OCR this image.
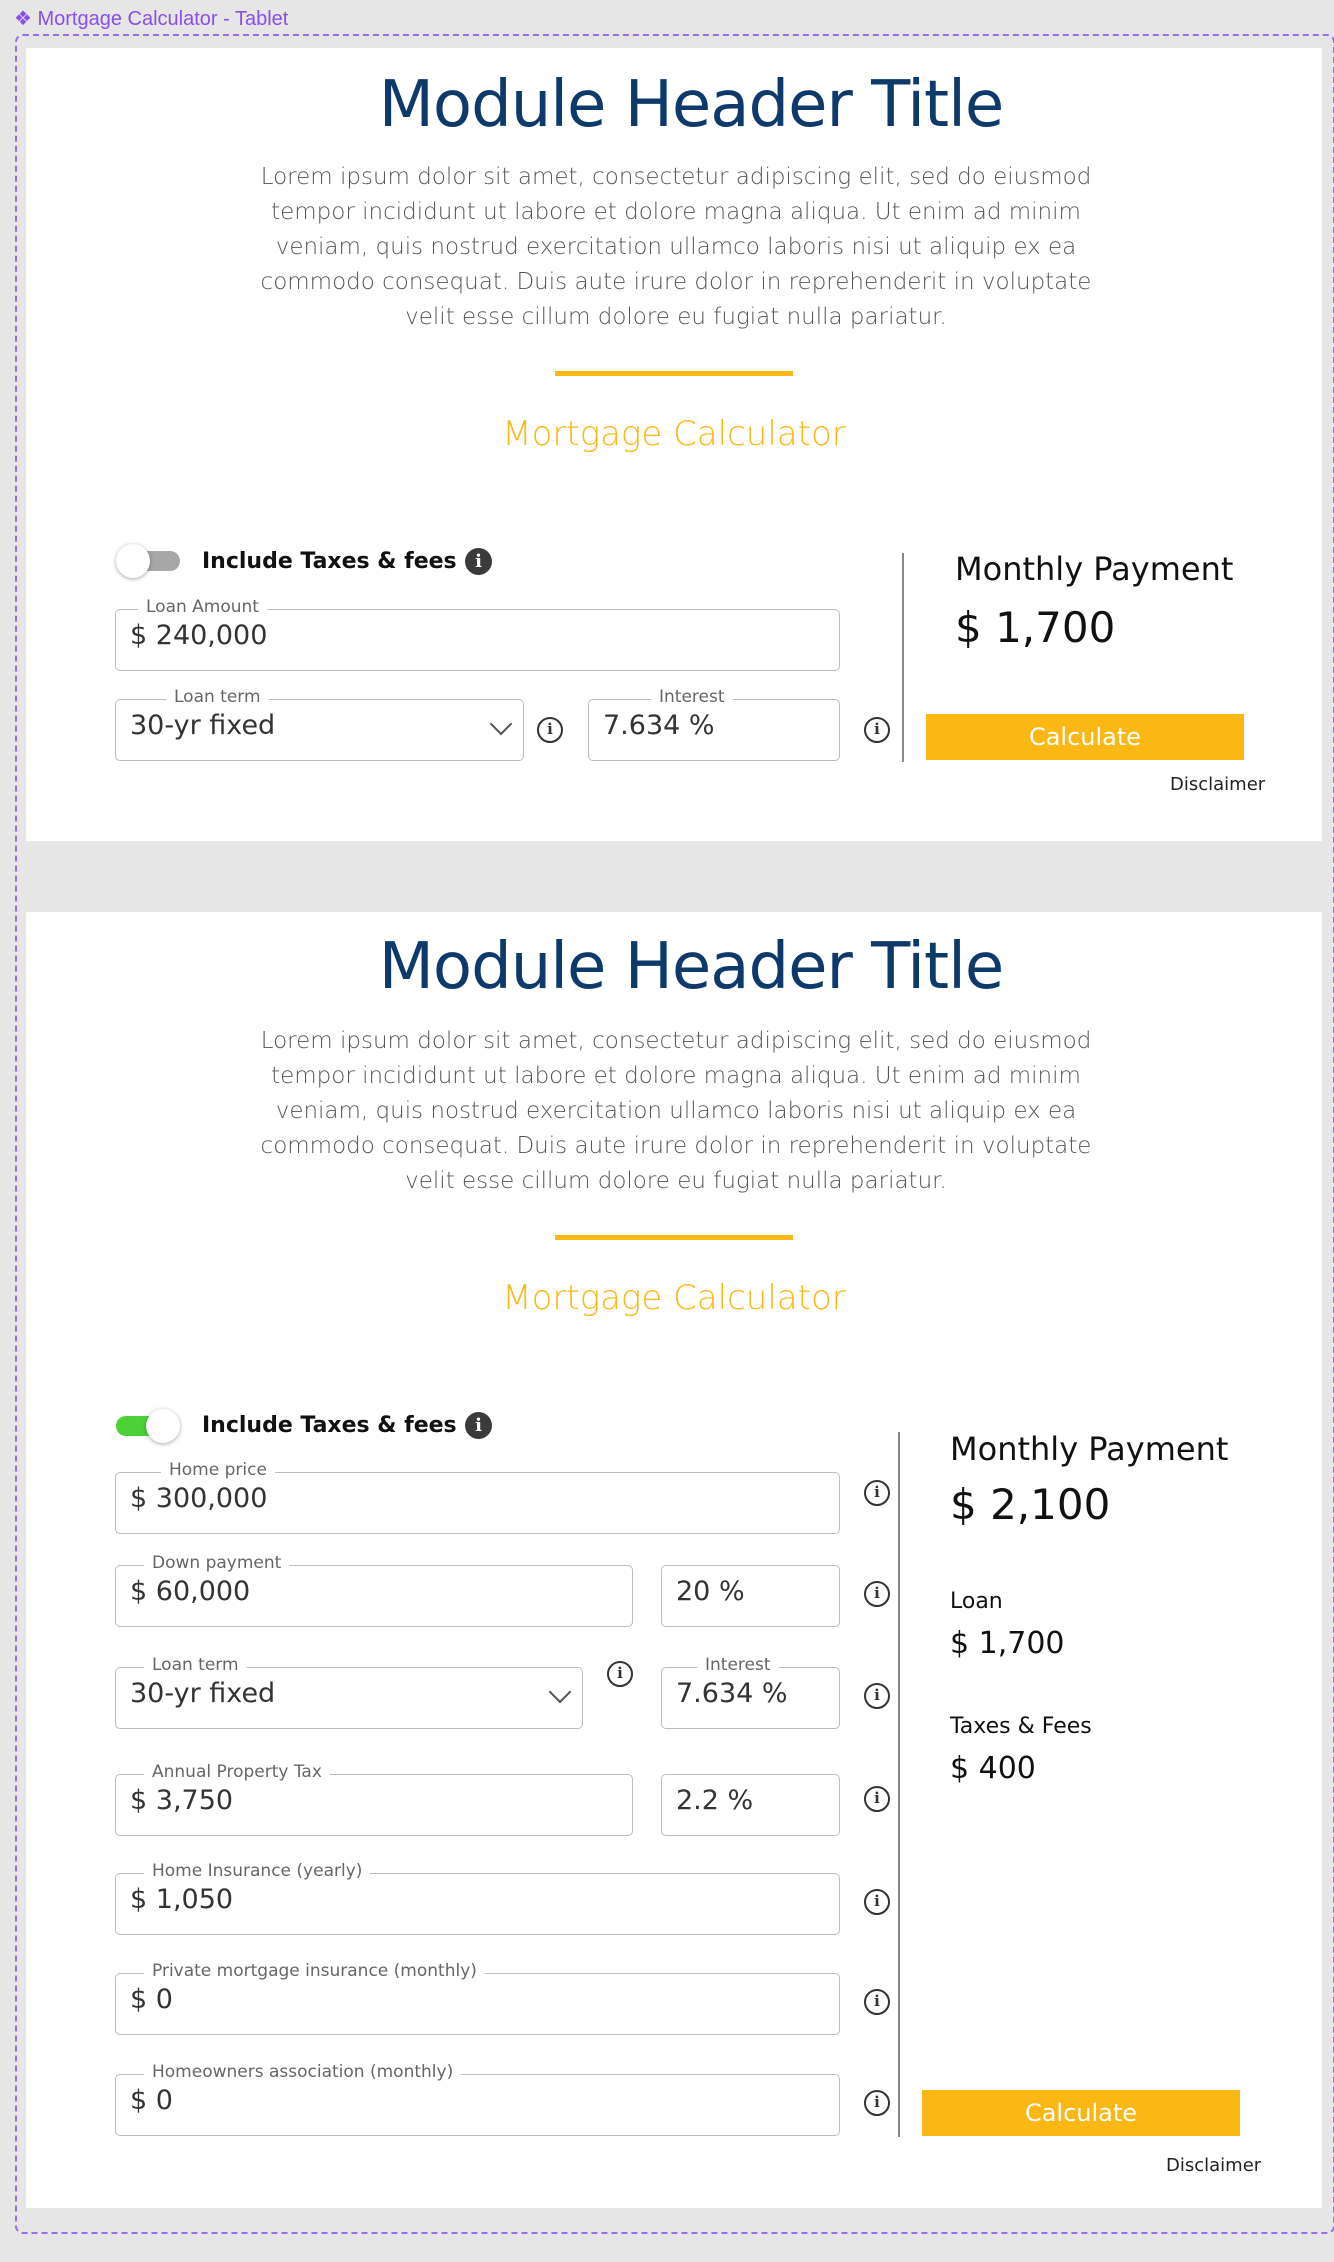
❖ Mortgage Calculator - Tablet
Module Header Title
Lorem ipsum dolor sit amet, consectetur adipiscing elit, sed do eiusmod tempor incididunt ut labore et dolore magna aliqua. Ut enim ad minim veniam, quis nostrud exercitation ullamco laboris nisi ut aliquip ex ea commodo consequat. Duis aute irure dolor in reprehenderit in voluptate velit esse cillum dolore eu fugiat nulla pariatur.
Mortgage Calculator
Include Taxes & fees	i
Loan Amount
$ 240,000
Loan term
30-yr fixed	i
Interest
7.634 %	i
Monthly Payment
$ 1,700
Calculate
Disclaimer
Module Header Title
Lorem ipsum dolor sit amet, consectetur adipiscing elit, sed do eiusmod tempor incididunt ut labore et dolore magna aliqua. Ut enim ad minim veniam, quis nostrud exercitation ullamco laboris nisi ut aliquip ex ea commodo consequat. Duis aute irure dolor in reprehenderit in voluptate velit esse cillum dolore eu fugiat nulla pariatur.
Mortgage Calculator
Include Taxes & fees	i
Home price
$ 300,000	i
Down payment
$ 60,000	20 %	i
Loan term
30-yr fixed
i	Interest
7.634 %	i
Annual Property Tax
$ 3,750	2.2 %	i
Home Insurance (yearly)
$ 1,050	i
Private mortgage insurance (monthly)
$ 0	i
Homeowners association (monthly)
$ 0	i
Monthly Payment
$ 2,100
Loan
$ 1,700
Taxes & Fees
$ 400
Calculate
Disclaimer
